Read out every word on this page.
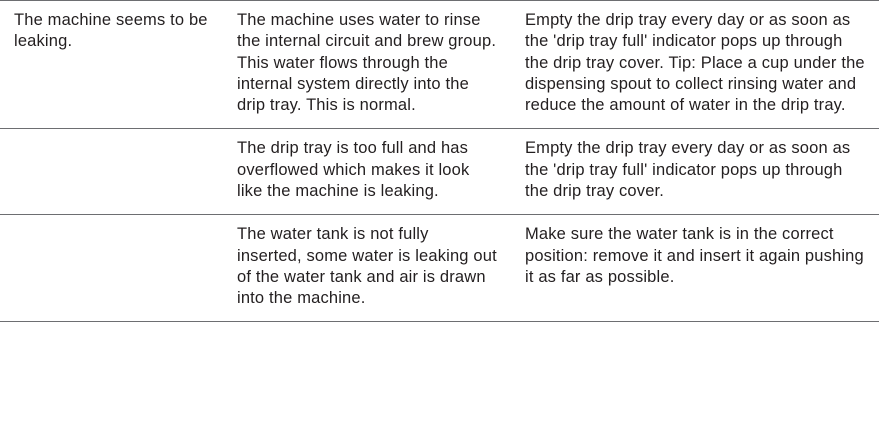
The machine seems to be leaking.	The machine uses water to rinse the internal circuit and brew group. This water flows through the internal system directly into the drip tray. This is normal.	Empty the drip tray every day or as soon as the 'drip tray full' indicator pops up through the drip tray cover. Tip: Place a cup under the dispensing spout to collect rinsing water and reduce the amount of water in the drip tray.

	The drip tray is too full and has overflowed which makes it look like the machine is leaking.	Empty the drip tray every day or as soon as the 'drip tray full' indicator pops up through the drip tray cover.

	The water tank is not fully inserted, some water is leaking out of the water tank and air is drawn into the machine.	Make sure the water tank is in the correct position: remove it and insert it again pushing it as far as possible.
